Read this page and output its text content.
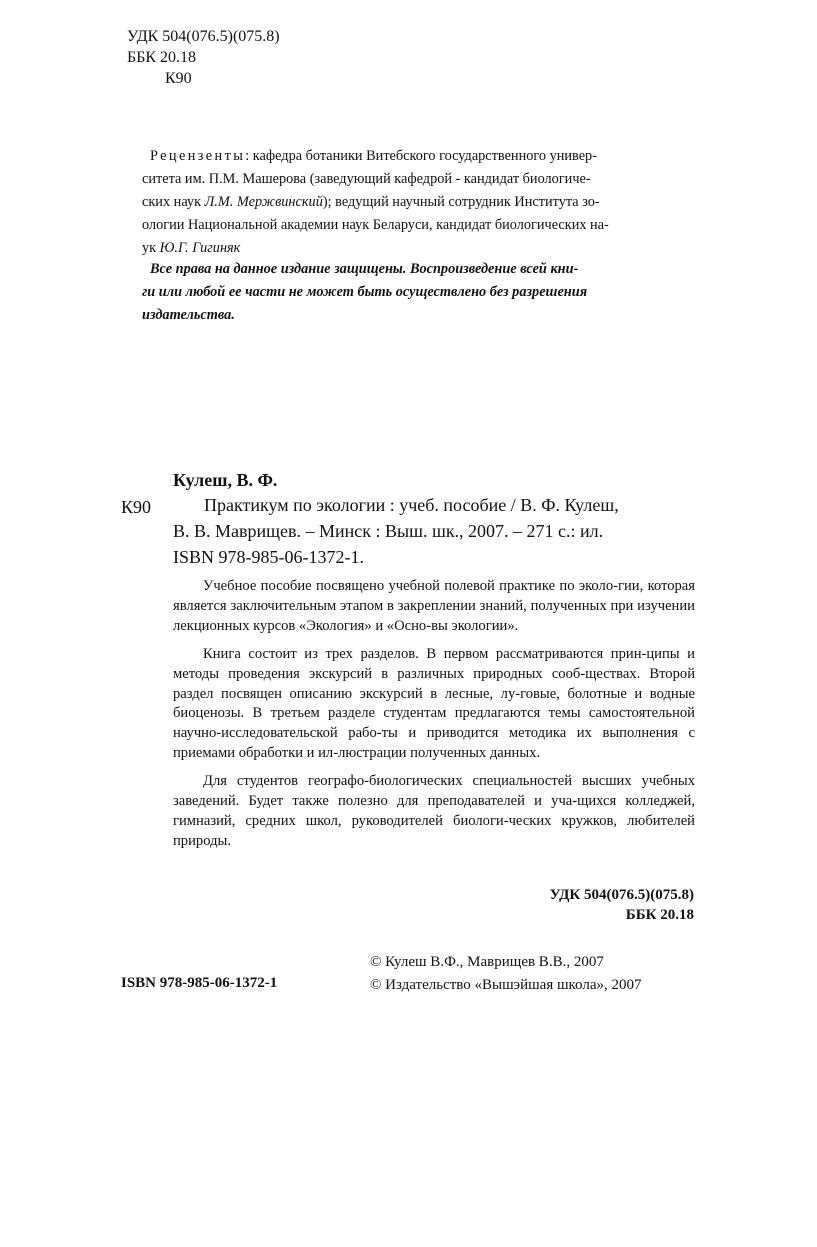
УДК 504(076.5)(075.8)
ББК 20.18
К90
Рецензенты: кафедра ботаники Витебского государственного универ-
ситета им. П.М. Машерова (заведующий кафедрой - кандидат биологиче-
ских наук Л.М. Мержвинский); ведущий научный сотрудник Института зо-
ологии Национальной академии наук Беларуси, кандидат биологических на-
ук Ю.Г. Гигиняк
Все права на данное издание защищены. Воспроизведение всей кни-
ги или любой ее части не может быть осуществлено без разрешения
издательства.
Кулеш, В. Ф.
К90	Практикум по экологии : учеб. пособие / В. Ф. Кулеш,
В. В. Маврищев. – Минск : Выш. шк., 2007. – 271 с.: ил.
ISBN 978-985-06-1372-1.

Учебное пособие посвящено учебной полевой практике по эколо-гии, которая является заключительным этапом в закреплении знаний, полученных при изучении лекционных курсов «Экология» и «Осно-вы экологии».

Книга состоит из трех разделов. В первом рассматриваются прин-ципы и методы проведения экскурсий в различных природных сооб-ществах. Второй раздел посвящен описанию экскурсий в лесные, лу-говые, болотные и водные биоценозы. В третьем разделе студентам предлагаются темы самостоятельной научно-исследовательской рабо-ты и приводится методика их выполнения с приемами обработки и ил-люстрации полученных данных.

Для студентов географо-биологических специальностей высших учебных заведений. Будет также полезно для преподавателей и уча-щихся колледжей, гимназий, средних школ, руководителей биологи-ческих кружков, любителей природы.

УДК 504(076.5)(075.8)
ББК 20.18
© Кулеш В.Ф., Маврищев В.В., 2007
© Издательство «Вышэйшая школа», 2007
ISBN 978-985-06-1372-1
